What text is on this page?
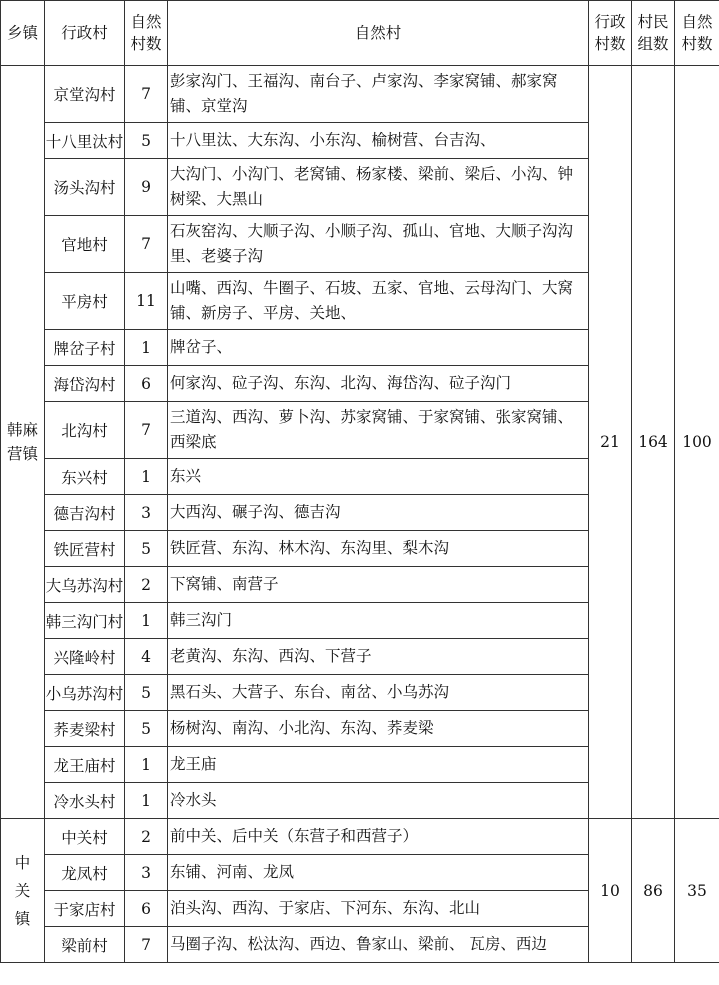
乡镇	行政村	自然村数	自然村	行政村数	村民组数	自然村数

韩麻营镇	京堂沟村	7	彭家沟门、王福沟、南台子、卢家沟、李家窝铺、郝家窝铺、京堂沟	21	164	100
	十八里汰村	5	十八里汰、大东沟、小东沟、榆树营、台吉沟、			
	汤头沟村	9	大沟门、小沟门、老窝铺、杨家楼、梁前、梁后、小沟、钟树梁、大黑山			
	官地村	7	石灰窑沟、大顺子沟、小顺子沟、孤山、官地、大顺子沟沟里、老婆子沟			
	平房村	11	山嘴、西沟、牛圈子、石坡、五家、官地、云母沟门、大窝铺、新房子、平房、关地、			
	牌岔子村	1	牌岔子、			
	海岱沟村	6	何家沟、砬子沟、东沟、北沟、海岱沟、砬子沟门			
	北沟村	7	三道沟、西沟、萝卜沟、苏家窝铺、于家窝铺、张家窝铺、西梁底			
	东兴村	1	东兴			
	德吉沟村	3	大西沟、碾子沟、德吉沟			
	铁匠营村	5	铁匠营、东沟、林木沟、东沟里、梨木沟			
	大乌苏沟村	2	下窝铺、南营子			
	韩三沟门村	1	韩三沟门			
	兴隆岭村	4	老黄沟、东沟、西沟、下营子			
	小乌苏沟村	5	黑石头、大营子、东台、南岔、小乌苏沟			
	荞麦梁村	5	杨树沟、南沟、小北沟、东沟、荞麦梁			
	龙王庙村	1	龙王庙			
	冷水头村	1	冷水头			

中关镇	中关村	2	前中关、后中关（东营子和西营子）	10	86	35
	龙凤村	3	东铺、河南、龙凤			
	于家店村	6	泊头沟、西沟、于家店、下河东、东沟、北山			
	梁前村	7	马圈子沟、松汰沟、西边、鲁家山、梁前、 瓦房、西边			
